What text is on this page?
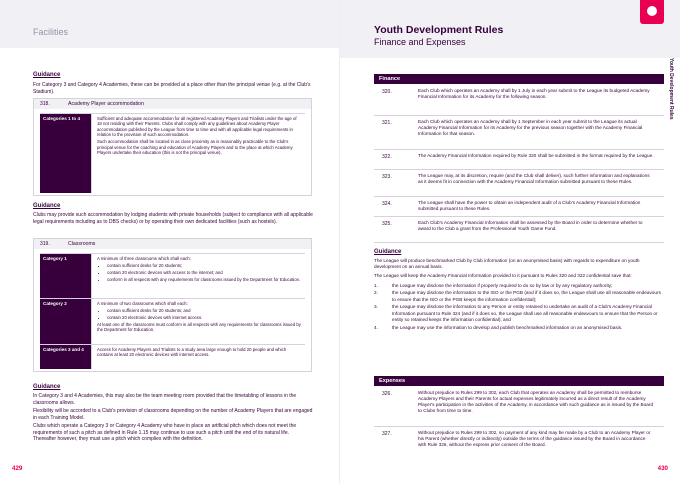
Facilities
Guidance
For Category 3 and Category 4 Academies, these can be provided at a place other than the principal venue (e.g. at the Club's Stadium).
318.	Academy Player accommodation
Categories 1 to 4	Sufficient and adequate accommodation for all registered Academy Players and Trialists under the age of 18 not residing with their Parents. Clubs shall comply with any guidelines about Academy Player accommodation published by the League from time to time and with all applicable legal requirements in relation to the provision of such accommodation.

Such accommodation shall be located in as close proximity as is reasonably practicable to the Club's principal venue for the coaching and education of Academy Players and to the place at which Academy Players undertake their education (this is not the principal venue).

Guidance
Clubs may provide such accommodation by lodging students with private households (subject to compliance with all applicable legal requirements including as to DBS checks) or by operating their own dedicated facilities (such as hostels).
319.	Classrooms
Category 1	A minimum of three classrooms which shall each:

• contain sufficient desks for 20 students;
• contain 20 electronic devices with access to the internet; and
• conform in all respects with any requirements for classrooms issued by the Department for Education.
Category 2	A minimum of two classrooms which shall each:

• contain sufficient desks for 20 students; and
• contain 20 electronic devices with internet access.

At least one of the classrooms must conform in all respects with any requirements for classrooms issued by the Department for Education.

Categories 3 and 4	Access for Academy Players and Trialists to a study area large enough to hold 20 people and which contains at least 20 electronic devices with internet access.

Guidance
In Category 3 and 4 Academies, this may also be the team meeting room provided that the timetabling of lessons in the classrooms allows.
Flexibility will be accorded to a Club's provision of classrooms depending on the number of Academy Players that are engaged in each Training Model.
Clubs which operate a Category 3 or Category 4 Academy who have in place an artificial pitch which does not meet the requirements of such a pitch as defined in Rule 1.15 may continue to use such a pitch until the end of its natural life. Thereafter however, they must use a pitch which complies with the definition.
429
Youth Development Rules
Finance and Expenses
Youth Development Rules
Finance
320.	Each Club which operates an Academy shall by 1 July in each year submit to the League its budgeted Academy Financial Information for its Academy for the following season.
321.	Each Club which operates an Academy shall by 1 September in each year submit to the League its actual Academy Financial Information for its Academy for the previous season together with the Academy Financial Information for that season.
322.	The Academy Financial Information required by Rule 320 shall be submitted in the format required by the League.
323.	The League may, at its discretion, require (and the Club shall deliver), such further information and explanations as it deems fit in connection with the Academy Financial Information submitted pursuant to these Rules.
324.	The League shall have the power to obtain an independent audit of a Club's Academy Financial Information submitted pursuant to these Rules.
325.	Each Club's Academy Financial Information shall be assessed by the Board in order to determine whether to award to the Club a grant from the Professional Youth Game Fund.
Guidance
The League will produce benchmarked Club by Club information (on an anonymised basis) with regards to expenditure on youth development on an annual basis.
The League will keep the Academy Financial Information provided to it pursuant to Rules 320 and 322 confidential save that:
1.	the League may disclose the information if properly required to do so by law or by any regulatory authority;
2.	the League may disclose the information to the ISO or the PGB (and if it does so, the League shall use all reasonable endeavours to ensure that the ISO or the PGB keeps the information confidential);
3.	the League may disclose the information to any Person or entity retained to undertake an audit of a Club's Academy Financial Information pursuant to Rule 324 (and if it does so, the League shall use all reasonable endeavours to ensure that the Person or entity so retained keeps the information confidential); and
4.	the League may use the information to develop and publish benchmarked information on an anonymised basis.
Expenses
326.	Without prejudice to Rules 299 to 302, each Club that operates an Academy shall be permitted to reimburse Academy Players and their Parents for actual expenses legitimately incurred as a direct result of the Academy Player's participation in the activities of the Academy, in accordance with such guidance as is issued by the Board to Clubs from time to time.
327.	Without prejudice to Rules 299 to 302, no payment of any kind may be made by a Club to an Academy Player or his Parent (whether directly or indirectly) outside the terms of the guidance issued by the Board in accordance with Rule 326, without the express prior consent of the Board.
430
